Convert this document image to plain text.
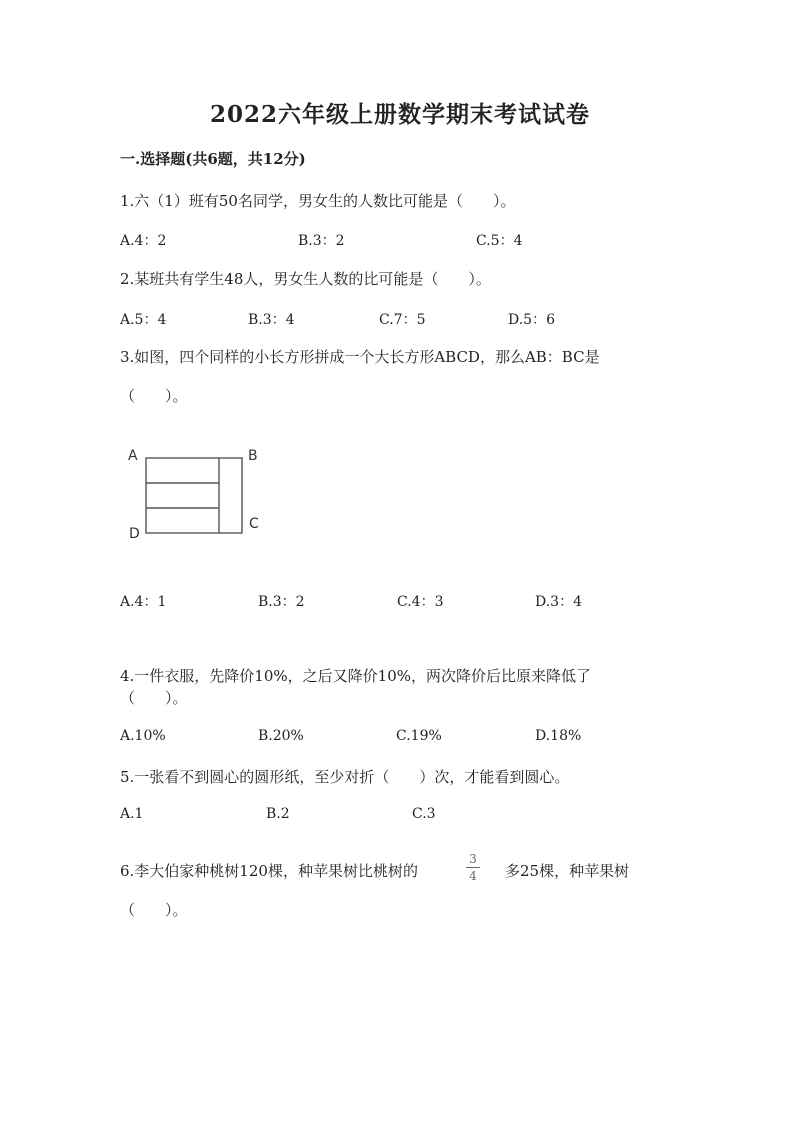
2022六年级上册数学期末考试试卷
一.选择题(共6题，共12分)
1.六（1）班有50名同学，男女生的人数比可能是（　　）。
A.4：2	B.3：2	C.5：4
2.某班共有学生48人，男女生人数的比可能是（　　）。
A.5：4	B.3：4	C.7：5	D.5：6
3.如图，四个同样的小长方形拼成一个大长方形ABCD，那么AB：BC是
（　　）。
A	B
C
D
A.4：1	B.3：2	C.4：3	D.3：4
4.一件衣服，先降价10%，之后又降价10%，两次降价后比原来降低了
（　　）。
A.10%	B.20%	C.19%	D.18%
5.一张看不到圆心的圆形纸，至少对折（　　）次，才能看到圆心。
A.1	B.2	C.3
6.李大伯家种桃树120棵，种苹果树比桃树的
3
4 多25棵，种苹果树
（　　）。
